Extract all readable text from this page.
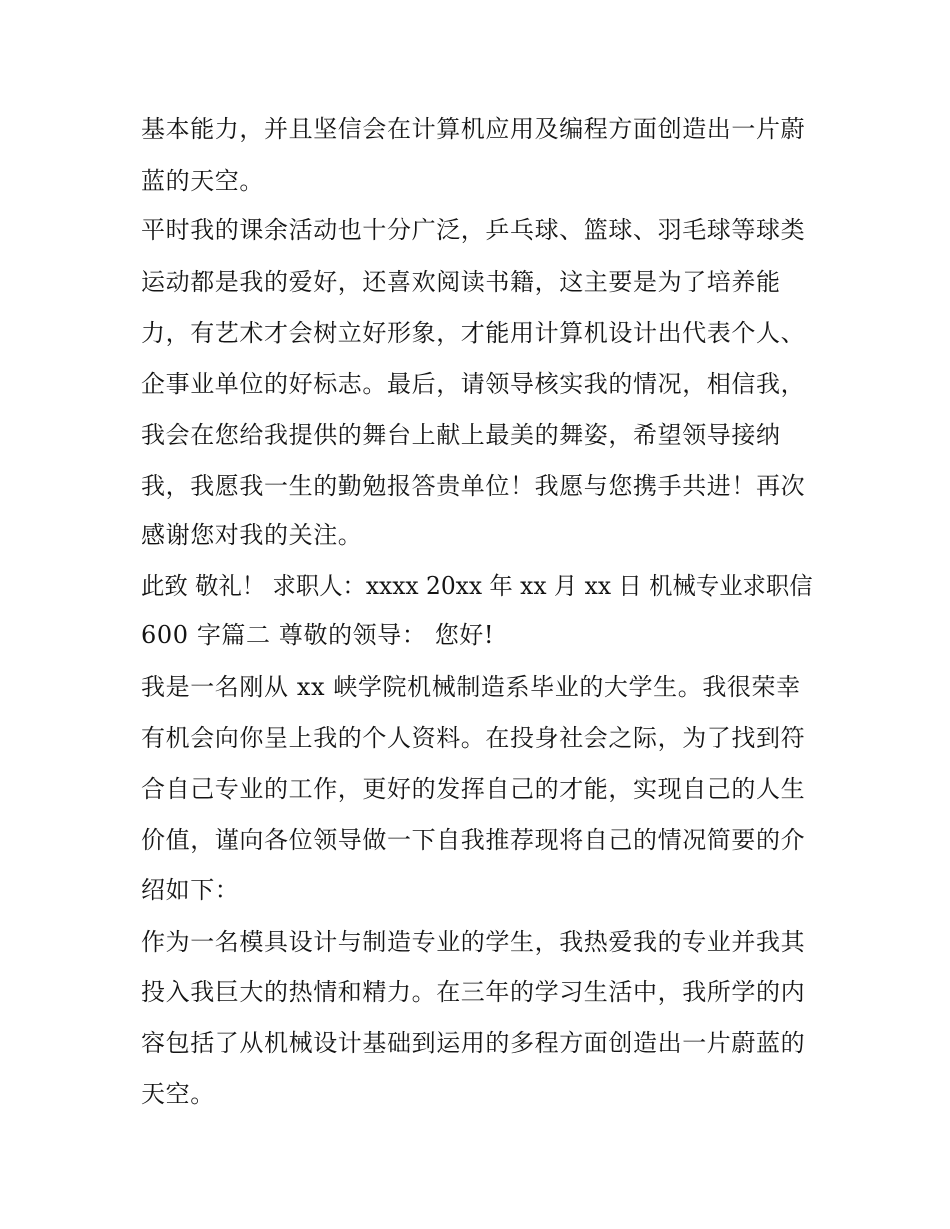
基本能力，并且坚信会在计算机应用及编程方面创造出一片蔚
蓝的天空。
平时我的课余活动也十分广泛，乒乓球、篮球、羽毛球等球类
运动都是我的爱好，还喜欢阅读书籍，这主要是为了培养能
力，有艺术才会树立好形象，才能用计算机设计出代表个人、
企事业单位的好标志。最后，请领导核实我的情况，相信我，
我会在您给我提供的舞台上献上最美的舞姿，希望领导接纳
我，我愿我一生的勤勉报答贵单位！我愿与您携手共进！再次
感谢您对我的关注。
此致 敬礼！ 求职人：xxxx 20xx 年 xx 月 xx 日 机械专业求职信
600 字篇二 尊敬的领导： 您好!
我是一名刚从 xx 峡学院机械制造系毕业的大学生。我很荣幸
有机会向你呈上我的个人资料。在投身社会之际，为了找到符
合自己专业的工作，更好的发挥自己的才能，实现自己的人生
价值，谨向各位领导做一下自我推荐现将自己的情况简要的介
绍如下：
作为一名模具设计与制造专业的学生，我热爱我的专业并我其
投入我巨大的热情和精力。在三年的学习生活中，我所学的内
容包括了从机械设计基础到运用的多程方面创造出一片蔚蓝的
天空。
